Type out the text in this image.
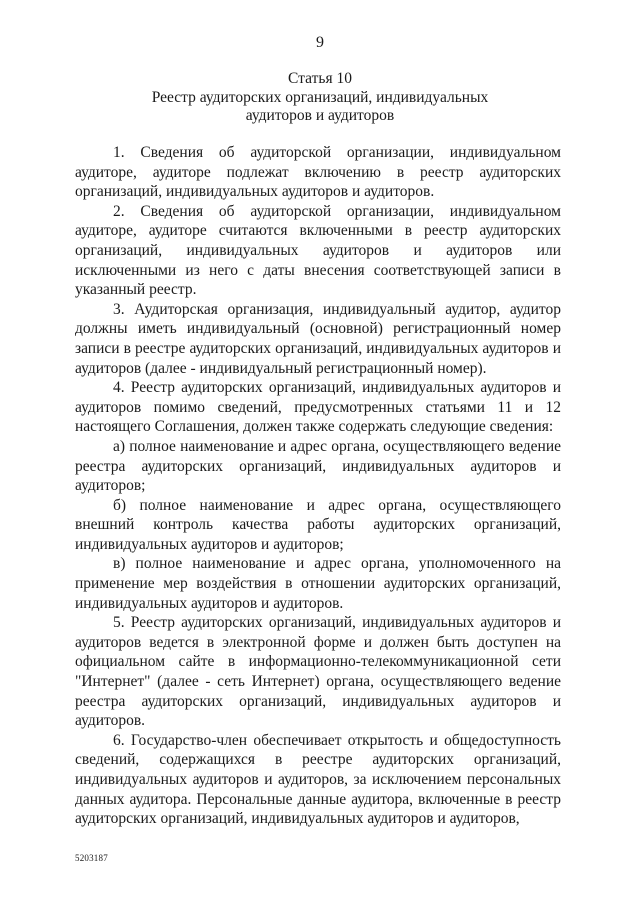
9
Статья 10
Реестр аудиторских организаций, индивидуальных
аудиторов и аудиторов

1. Сведения об аудиторской организации, индивидуальном аудиторе, аудиторе подлежат включению в реестр аудиторских организаций, индивидуальных аудиторов и аудиторов.

2. Сведения об аудиторской организации, индивидуальном аудиторе, аудиторе считаются включенными в реестр аудиторских организаций, индивидуальных аудиторов и аудиторов или исключенными из него с даты внесения соответствующей записи в указанный реестр.

3. Аудиторская организация, индивидуальный аудитор, аудитор должны иметь индивидуальный (основной) регистрационный номер записи в реестре аудиторских организаций, индивидуальных аудиторов и аудиторов (далее - индивидуальный регистрационный номер).

4. Реестр аудиторских организаций, индивидуальных аудиторов и аудиторов помимо сведений, предусмотренных статьями 11 и 12 настоящего Соглашения, должен также содержать следующие сведения:

а) полное наименование и адрес органа, осуществляющего ведение реестра аудиторских организаций, индивидуальных аудиторов и аудиторов;

б) полное наименование и адрес органа, осуществляющего внешний контроль качества работы аудиторских организаций, индивидуальных аудиторов и аудиторов;

в) полное наименование и адрес органа, уполномоченного на применение мер воздействия в отношении аудиторских организаций, индивидуальных аудиторов и аудиторов.

5. Реестр аудиторских организаций, индивидуальных аудиторов и аудиторов ведется в электронной форме и должен быть доступен на официальном сайте в информационно-телекоммуникационной сети "Интернет" (далее - сеть Интернет) органа, осуществляющего ведение реестра аудиторских организаций, индивидуальных аудиторов и аудиторов.

6. Государство-член обеспечивает открытость и общедоступность сведений, содержащихся в реестре аудиторских организаций, индивидуальных аудиторов и аудиторов, за исключением персональных данных аудитора. Персональные данные аудитора, включенные в реестр аудиторских организаций, индивидуальных аудиторов и аудиторов,

5203187
